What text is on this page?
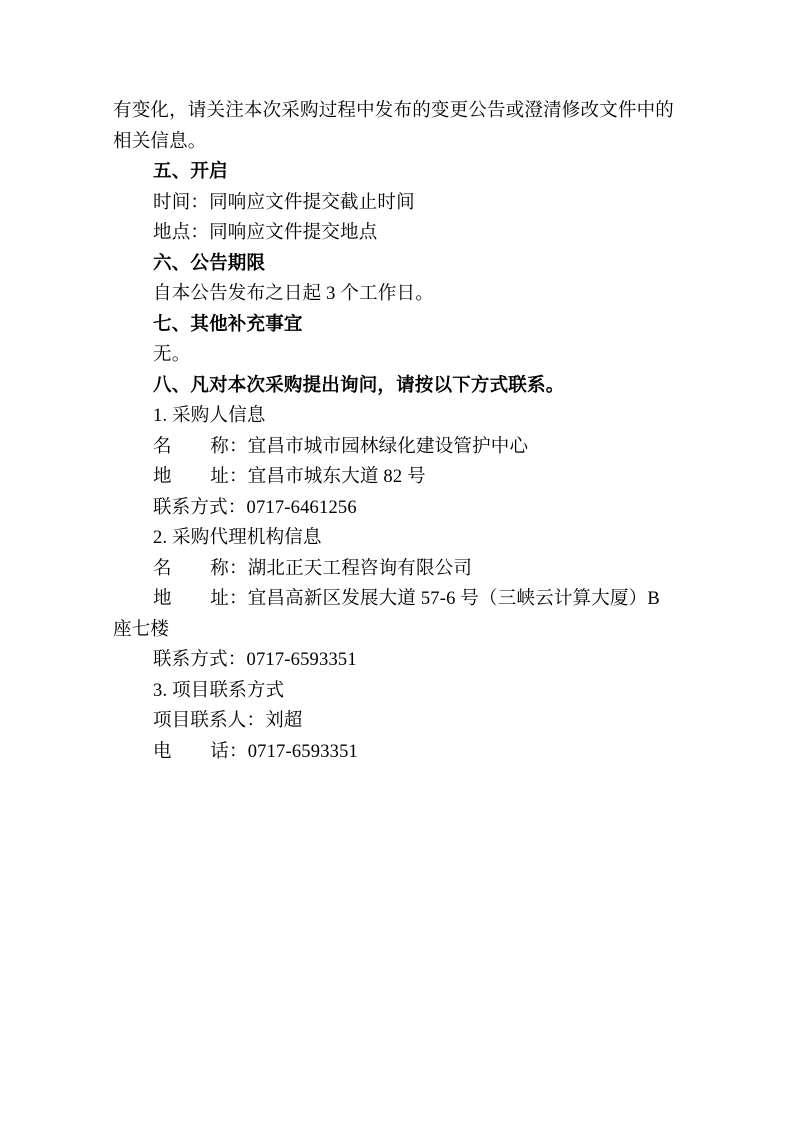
有变化，请关注本次采购过程中发布的变更公告或澄清修改文件中的
相关信息。
五、开启
时间：同响应文件提交截止时间
地点：同响应文件提交地点
六、公告期限
自本公告发布之日起 3 个工作日。
七、其他补充事宜
无。
八、凡对本次采购提出询问，请按以下方式联系。
1. 采购人信息
名        称：宜昌市城市园林绿化建设管护中心
地        址：宜昌市城东大道 82 号
联系方式：0717-6461256
2. 采购代理机构信息
名        称：湖北正天工程咨询有限公司
地        址：宜昌高新区发展大道 57-6 号（三峡云计算大厦）B
座七楼
联系方式：0717-6593351
3. 项目联系方式
项目联系人：刘超
电        话：0717-6593351
